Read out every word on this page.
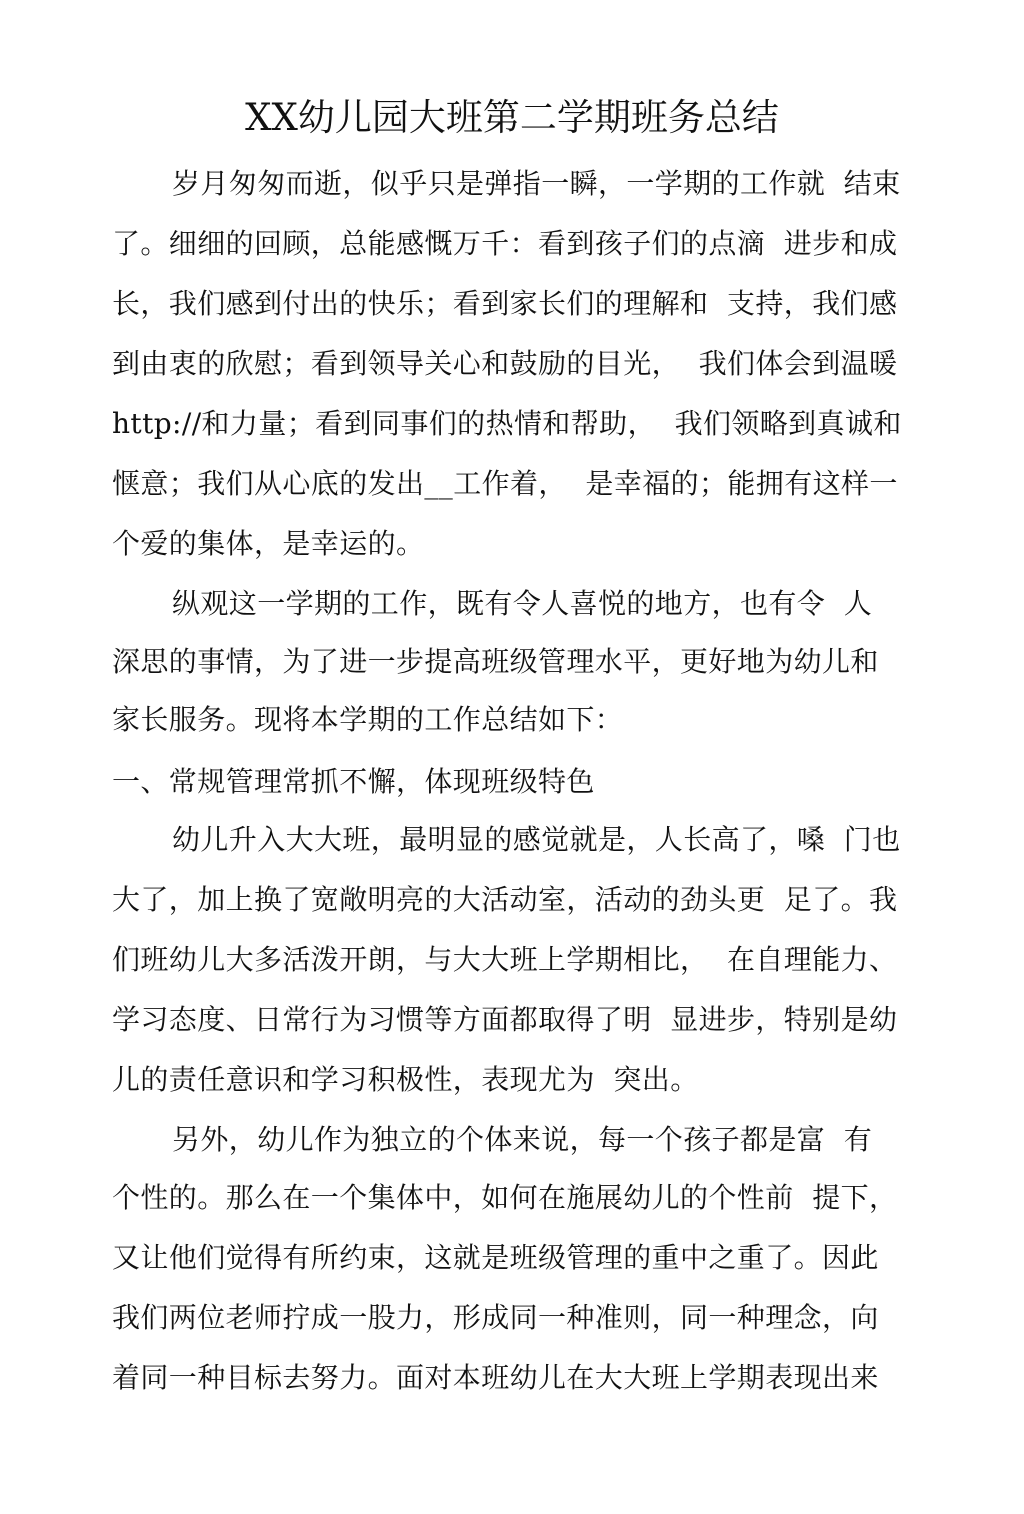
XX幼儿园大班第二学期班务总结
岁月匆匆而逝，似乎只是弹指一瞬，一学期的工作就  结束
了。细细的回顾，总能感慨万千：看到孩子们的点滴  进步和成
长，我们感到付出的快乐；看到家长们的理解和  支持，我们感
到由衷的欣慰；看到领导关心和鼓励的目光，  我们体会到温暖
http://和力量；看到同事们的热情和帮助，  我们领略到真诚和
惬意；我们从心底的发出__工作着，  是幸福的；能拥有这样一
个爱的集体，是幸运的。
纵观这一学期的工作，既有令人喜悦的地方，也有令  人
深思的事情，为了进一步提高班级管理水平，更好地为幼儿和
家长服务。现将本学期的工作总结如下：
一、常规管理常抓不懈，体现班级特色
幼儿升入大大班，最明显的感觉就是，人长高了，嗓  门也
大了，加上换了宽敞明亮的大活动室，活动的劲头更  足了。我
们班幼儿大多活泼开朗，与大大班上学期相比，  在自理能力、
学习态度、日常行为习惯等方面都取得了明  显进步，特别是幼
儿的责任意识和学习积极性，表现尤为  突出。
另外，幼儿作为独立的个体来说，每一个孩子都是富  有
个性的。那么在一个集体中，如何在施展幼儿的个性前  提下，
又让他们觉得有所约束，这就是班级管理的重中之重了。因此
我们两位老师拧成一股力，形成同一种准则，同一种理念，向
着同一种目标去努力。面对本班幼儿在大大班上学期表现出来
